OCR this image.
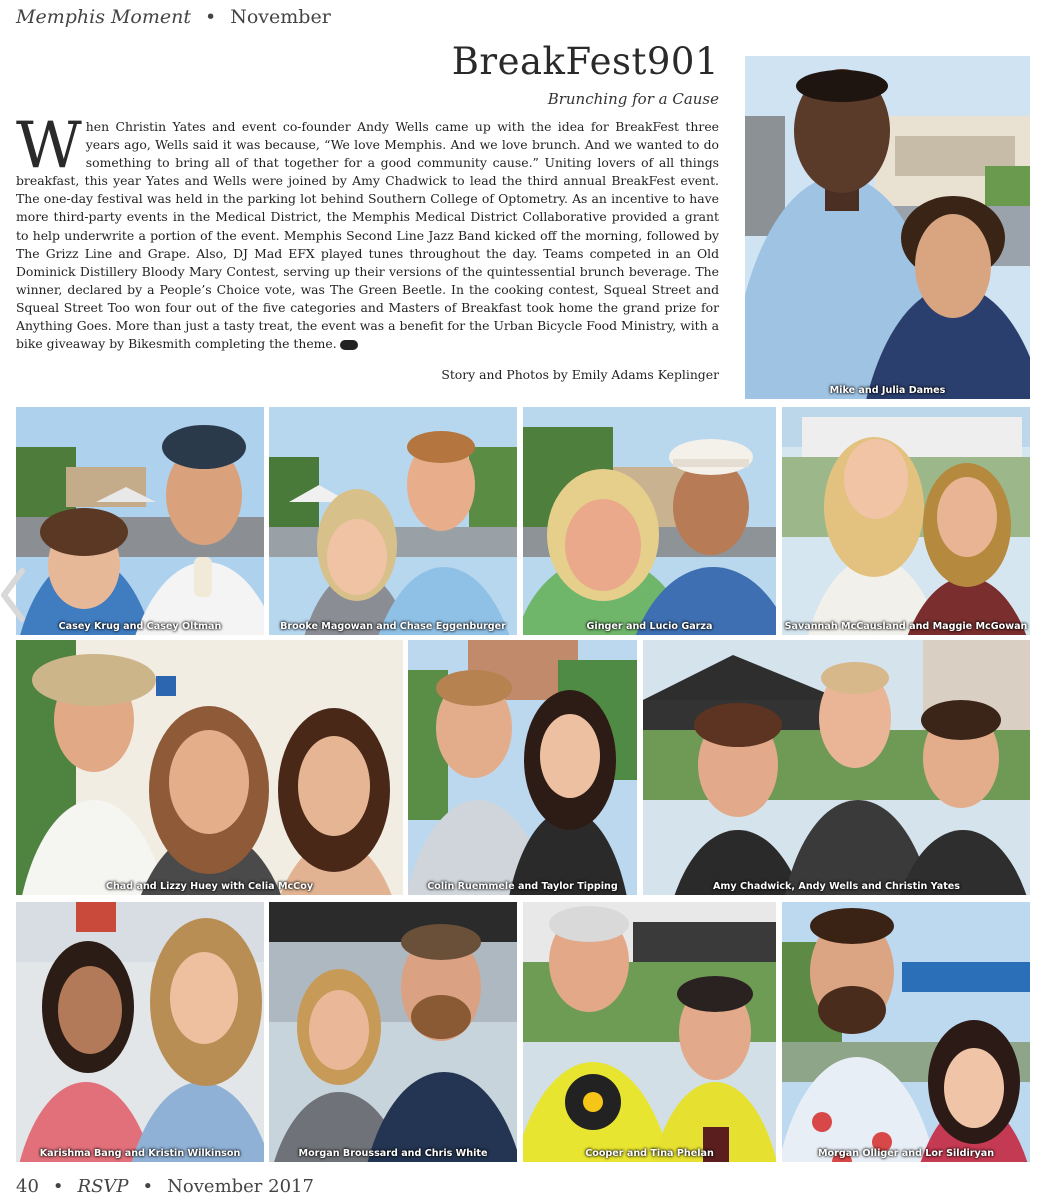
Memphis Moment • November
BreakFest901
Brunching for a Cause
When Christin Yates and event co-founder Andy Wells came up with the idea for BreakFest three years ago, Wells said it was because, “We love Memphis. And we love brunch. And we wanted to do something to bring all of that together for a good community cause.” Uniting lovers of all things breakfast, this year Yates and Wells were joined by Amy Chadwick to lead the third annual BreakFest event. The one-day festival was held in the parking lot behind Southern College of Optometry. As an incentive to have more third-party events in the Medical District, the Memphis Medical District Collaborative provided a grant to help underwrite a portion of the event. Memphis Second Line Jazz Band kicked off the morning, followed by The Grizz Line and Grape. Also, DJ Mad EFX played tunes throughout the day. Teams competed in an Old Dominick Distillery Bloody Mary Contest, serving up their versions of the quintessential brunch beverage. The winner, declared by a People’s Choice vote, was The Green Beetle. In the cooking contest, Squeal Street and Squeal Street Too won four out of the five categories and Masters of Breakfast took home the grand prize for Anything Goes. More than just a tasty treat, the event was a benefit for the Urban Bicycle Food Ministry, with a bike giveaway by Bikesmith completing the theme.
Story and Photos by Emily Adams Keplinger
Mike and Julia Dames
Casey Krug and Casey Oltman	Brooke Magowan and Chase Eggenburger	Ginger and Lucio Garza	Savannah McCausland and Maggie McGowan
Chad and Lizzy Huey with Celia McCoy	Colin Ruemmele and Taylor Tipping	Amy Chadwick, Andy Wells and Christin Yates
Karishma Bang and Kristin Wilkinson	Morgan Broussard and Chris White	Cooper and Tina Phelan	Morgan Olliger and Lor Sildiryan
40 • RSVP • November 2017
